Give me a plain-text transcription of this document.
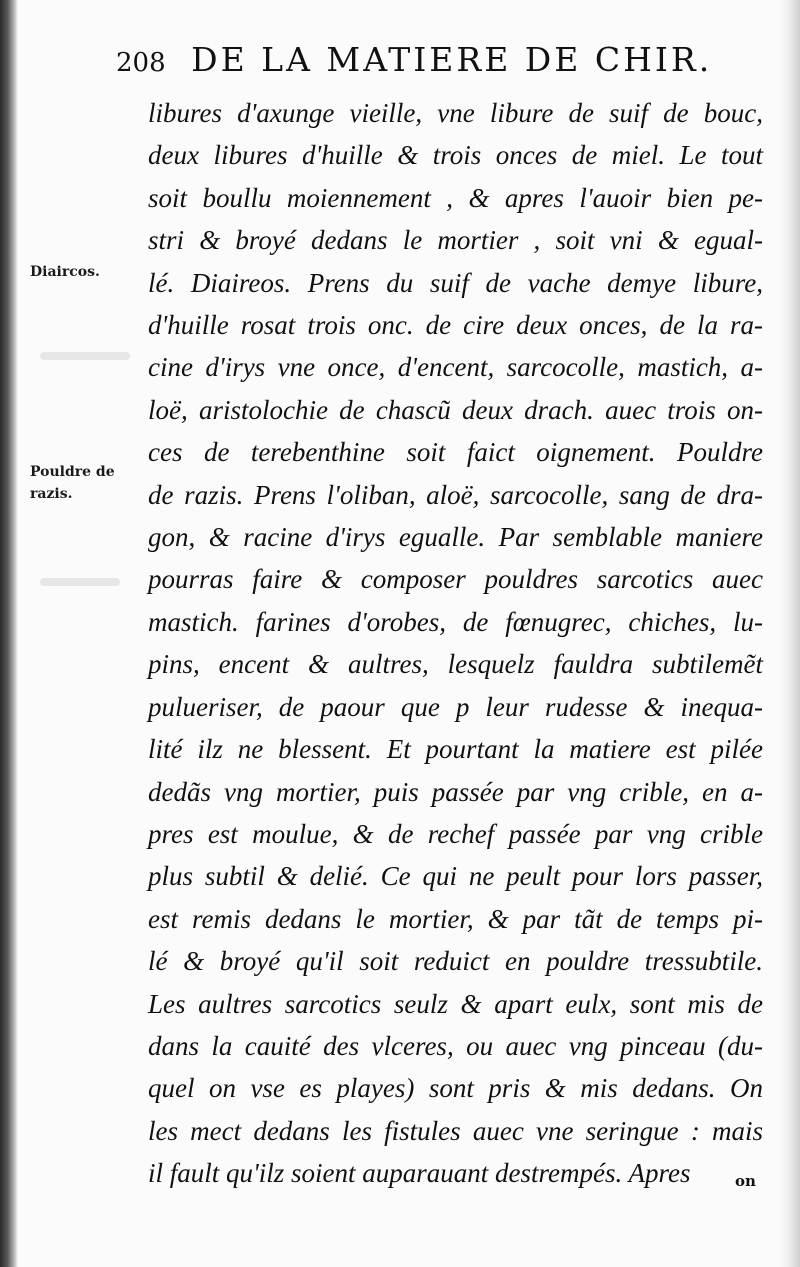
208 DE LA MATIERE DE CHIR.
Diaircos.
Pouldre de
razis.
libures d'axunge vieille, vne libure de suif de bouc,
deux libures d'huille & trois onces de miel. Le tout
soit boullu moiennement , & apres l'auoir bien pe-
stri & broyé dedans le mortier , soit vni & egual-
lé. Diaireos. Prens du suif de vache demye libure,
d'huille rosat trois onc. de cire deux onces, de la ra-
cine d'irys vne once, d'encent, sarcocolle, mastich, a-
loë, aristolochie de chascũ deux drach. auec trois on-
ces de terebenthine soit faict oignement. Pouldre
de razis. Prens l'oliban, aloë, sarcocolle, sang de dra-
gon, & racine d'irys egualle. Par semblable maniere
pourras faire & composer pouldres sarcotics auec
mastich. farines d'orobes, de fœnugrec, chiches, lu-
pins, encent & aultres, lesquelz fauldra subtilemẽt
pulueriser, de paour que p leur rudesse & inequa-
lité ilz ne blessent. Et pourtant la matiere est pilée
dedãs vng mortier, puis passée par vng crible, en a-
pres est moulue, & de rechef passée par vng crible
plus subtil & delié. Ce qui ne peult pour lors passer,
est remis dedans le mortier, & par tãt de temps pi-
lé & broyé qu'il soit reduict en pouldre tressubtile.
Les aultres sarcotics seulz & apart eulx, sont mis de
dans la cauité des vlceres, ou auec vng pinceau (du-
quel on vse es playes) sont pris & mis dedans. On
les mect dedans les fistules auec vne seringue : mais
il fault qu'ilz soient auparauant destrempés. Apres	on
